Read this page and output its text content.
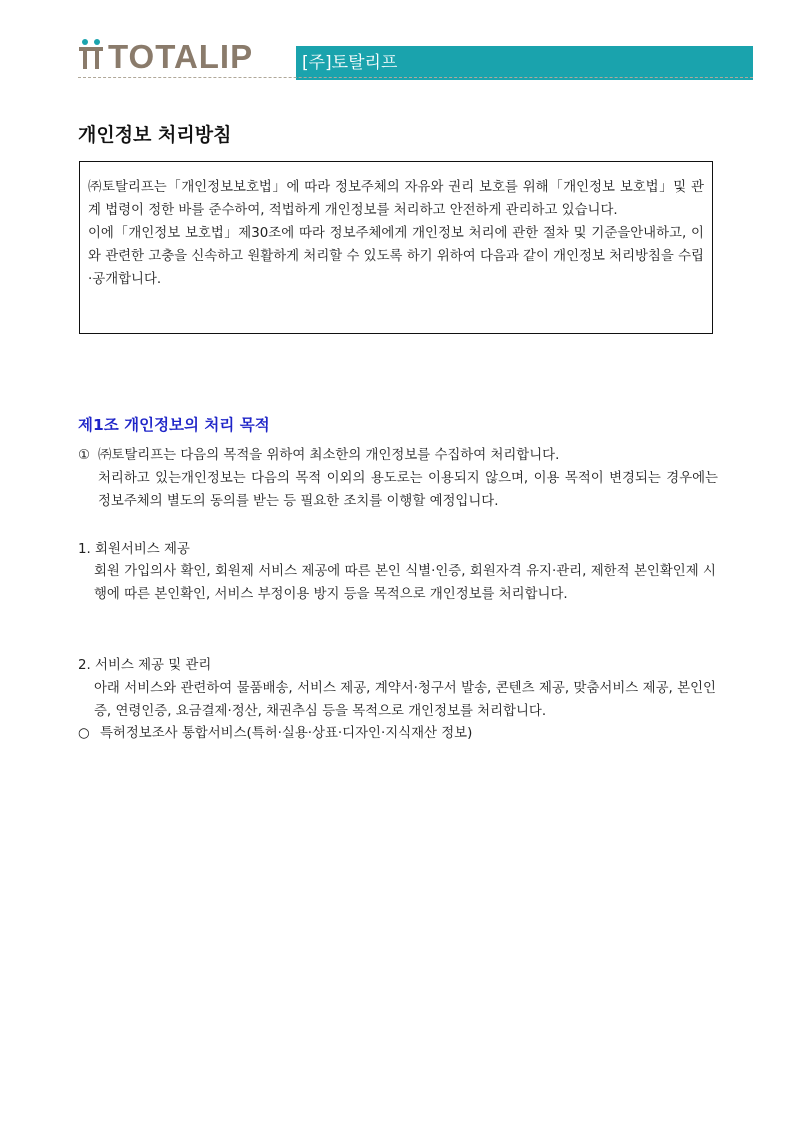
TOTALIP	[주]토탈리프
개인정보 처리방침

㈜토탈리프는「개인정보보호법」에 따라 정보주체의 자유와 권리 보호를 위해「개인정보 보호법」및 관계 법령이 정한 바를 준수하여, 적법하게 개인정보를 처리하고 안전하게 관리하고 있습니다.

이에「개인정보 보호법」제30조에 따라 정보주체에게 개인정보 처리에 관한 절차 및 기준을안내하고, 이와 관련한 고충을 신속하고 원활하게 처리할 수 있도록 하기 위하여 다음과 같이 개인정보 처리방침을 수립·공개합니다.

제1조 개인정보의 처리 목적
① ㈜토탈리프는 다음의 목적을 위하여 최소한의 개인정보를 수집하여 처리합니다.
처리하고 있는개인정보는 다음의 목적 이외의 용도로는 이용되지 않으며, 이용 목적이 변경되는 경우에는 정보주체의 별도의 동의를 받는 등 필요한 조치를 이행할 예정입니다.
1. 회원서비스 제공
회원 가입의사 확인, 회원제 서비스 제공에 따른 본인 식별·인증, 회원자격 유지·관리, 제한적 본인확인제 시행에 따른 본인확인, 서비스 부정이용 방지 등을 목적으로 개인정보를 처리합니다.
2. 서비스 제공 및 관리
아래 서비스와 관련하여 물품배송, 서비스 제공, 계약서·청구서 발송, 콘텐츠 제공, 맞춤서비스 제공, 본인인증, 연령인증, 요금결제·정산, 채권추심 등을 목적으로 개인정보를 처리합니다.
○ 특허정보조사 통합서비스(특허·실용·상표·디자인·지식재산 정보)
